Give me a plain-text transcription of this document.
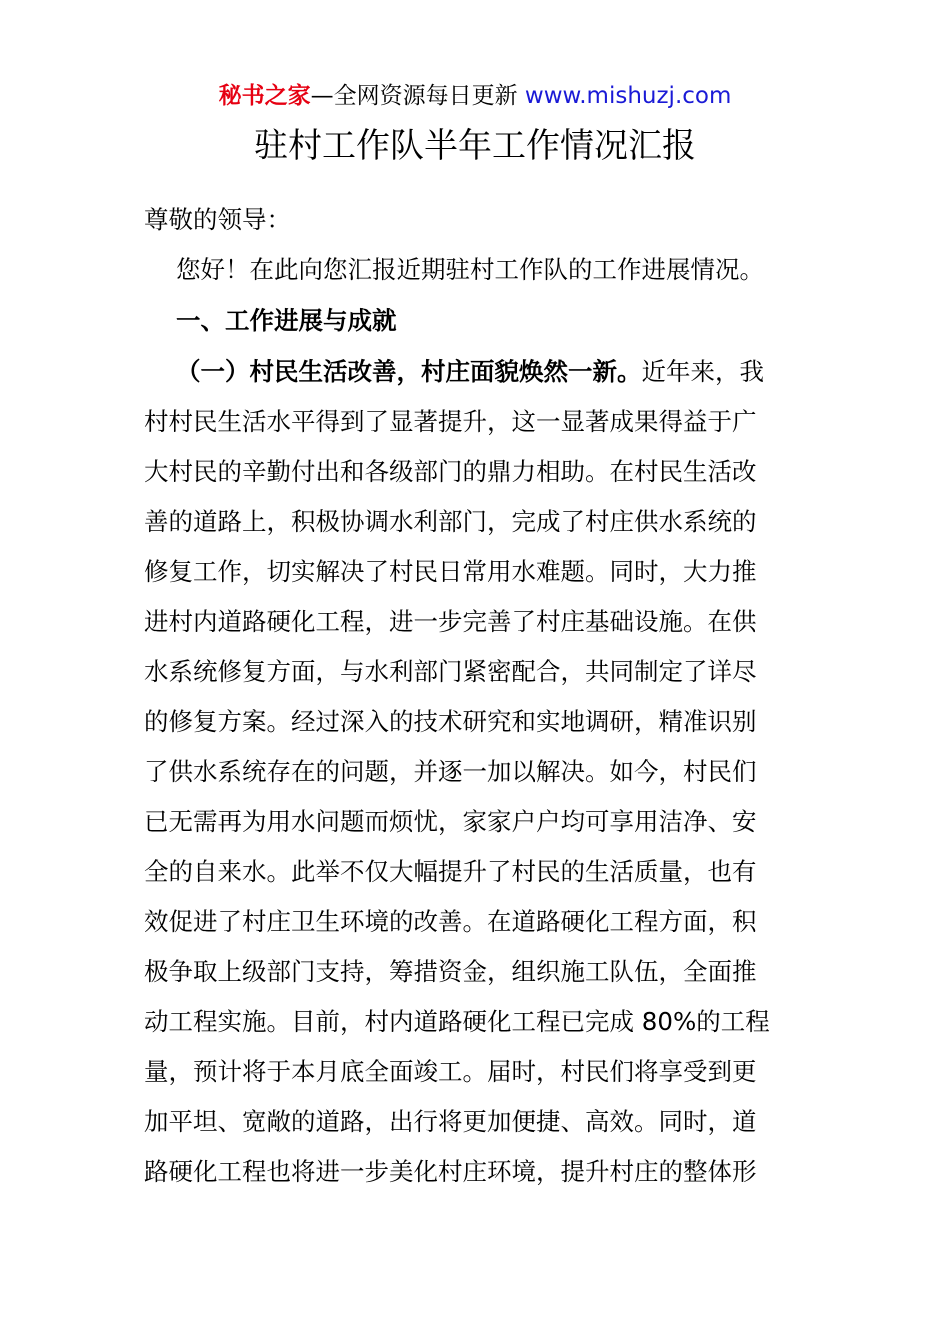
秘书之家—全网资源每日更新 www.mishuzj.com
驻村工作队半年工作情况汇报
尊敬的领导：
您好！在此向您汇报近期驻村工作队的工作进展情况。
一、工作进展与成就
（一）村民生活改善，村庄面貌焕然一新。近年来，我
村村民生活水平得到了显著提升，这一显著成果得益于广
大村民的辛勤付出和各级部门的鼎力相助。在村民生活改
善的道路上，积极协调水利部门，完成了村庄供水系统的
修复工作，切实解决了村民日常用水难题。同时，大力推
进村内道路硬化工程，进一步完善了村庄基础设施。在供
水系统修复方面，与水利部门紧密配合，共同制定了详尽
的修复方案。经过深入的技术研究和实地调研，精准识别
了供水系统存在的问题，并逐一加以解决。如今，村民们
已无需再为用水问题而烦忧，家家户户均可享用洁净、安
全的自来水。此举不仅大幅提升了村民的生活质量，也有
效促进了村庄卫生环境的改善。在道路硬化工程方面，积
极争取上级部门支持，筹措资金，组织施工队伍，全面推
动工程实施。目前，村内道路硬化工程已完成 80%的工程
量，预计将于本月底全面竣工。届时，村民们将享受到更
加平坦、宽敞的道路，出行将更加便捷、高效。同时，道
路硬化工程也将进一步美化村庄环境，提升村庄的整体形
